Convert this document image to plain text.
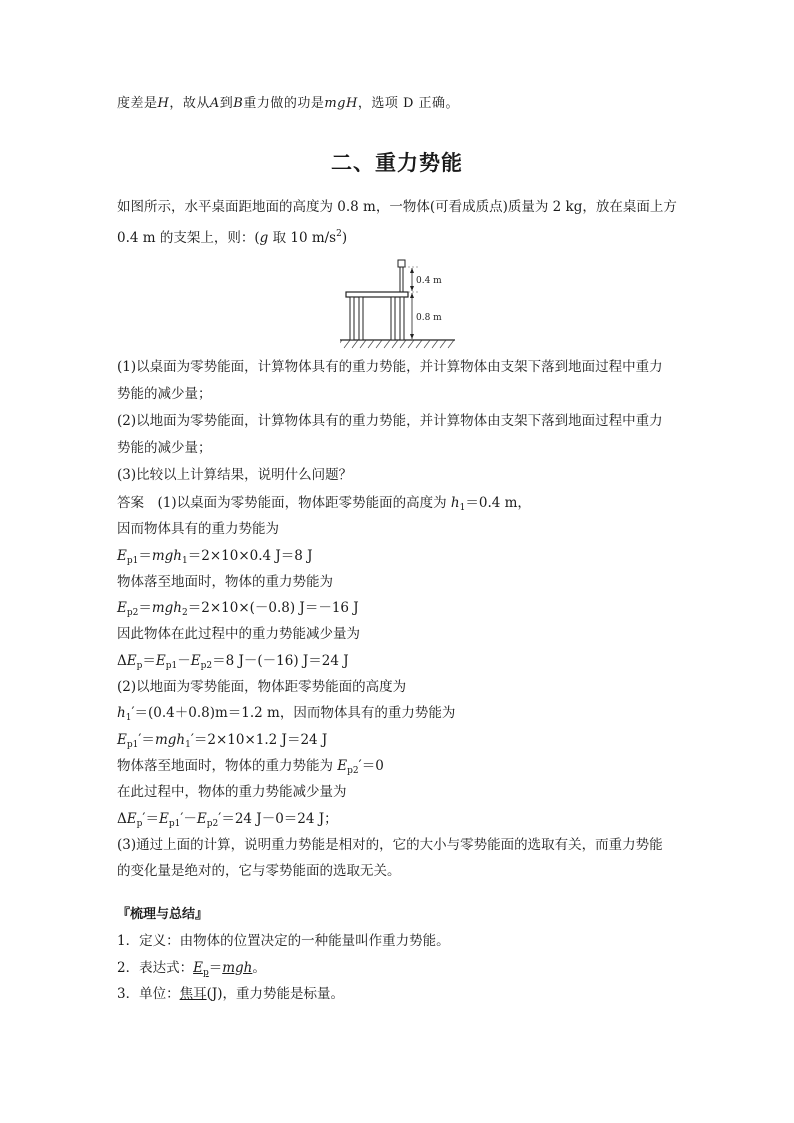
度差是H，故从A到B重力做的功是mgH，选项 D 正确。
二、重力势能
如图所示，水平桌面距地面的高度为 0.8 m，一物体(可看成质点)质量为 2 kg，放在桌面上方
0.4 m 的支架上，则：(g 取 10 $m/s^2$)
0.4 m
0.8 m
(1)以桌面为零势能面，计算物体具有的重力势能，并计算物体由支架下落到地面过程中重力
势能的减少量；
(2)以地面为零势能面，计算物体具有的重力势能，并计算物体由支架下落到地面过程中重力
势能的减少量；
(3)比较以上计算结果，说明什么问题？
答案　(1)以桌面为零势能面，物体距零势能面的高度为 $h_1=0.4$ m，
因而物体具有的重力势能为
$E_{p1}=mgh_1=2\times 10\times 0.4$ J＝8 J
物体落至地面时，物体的重力势能为
$E_{p2}=mgh_2=2\times 10\times(-0.8)$ J＝－16 J
因此物体在此过程中的重力势能减少量为
$\Delta E_p=E_{p1}-E_{p2}=8$ J－(－16) J＝24 J
(2)以地面为零势能面，物体距零势能面的高度为
$h_1'=(0.4+0.8)m=1.2$ m，因而物体具有的重力势能为
$E_{p1}'=mgh_1'=2\times 10\times 1.2$ J＝24 J
物体落至地面时，物体的重力势能为 $E_{p2}'=0$
在此过程中，物体的重力势能减少量为
$\Delta E_p'=E_{p1}'-E_{p2}'=24$ J－0＝24 J；
(3)通过上面的计算，说明重力势能是相对的，它的大小与零势能面的选取有关，而重力势能
的变化量是绝对的，它与零势能面的选取无关。
『梳理与总结』
1．定义：由物体的位置决定的一种能量叫作重力势能。
2．表达式：$E_p=mgh$。
3．单位：焦耳(J)，重力势能是标量。
